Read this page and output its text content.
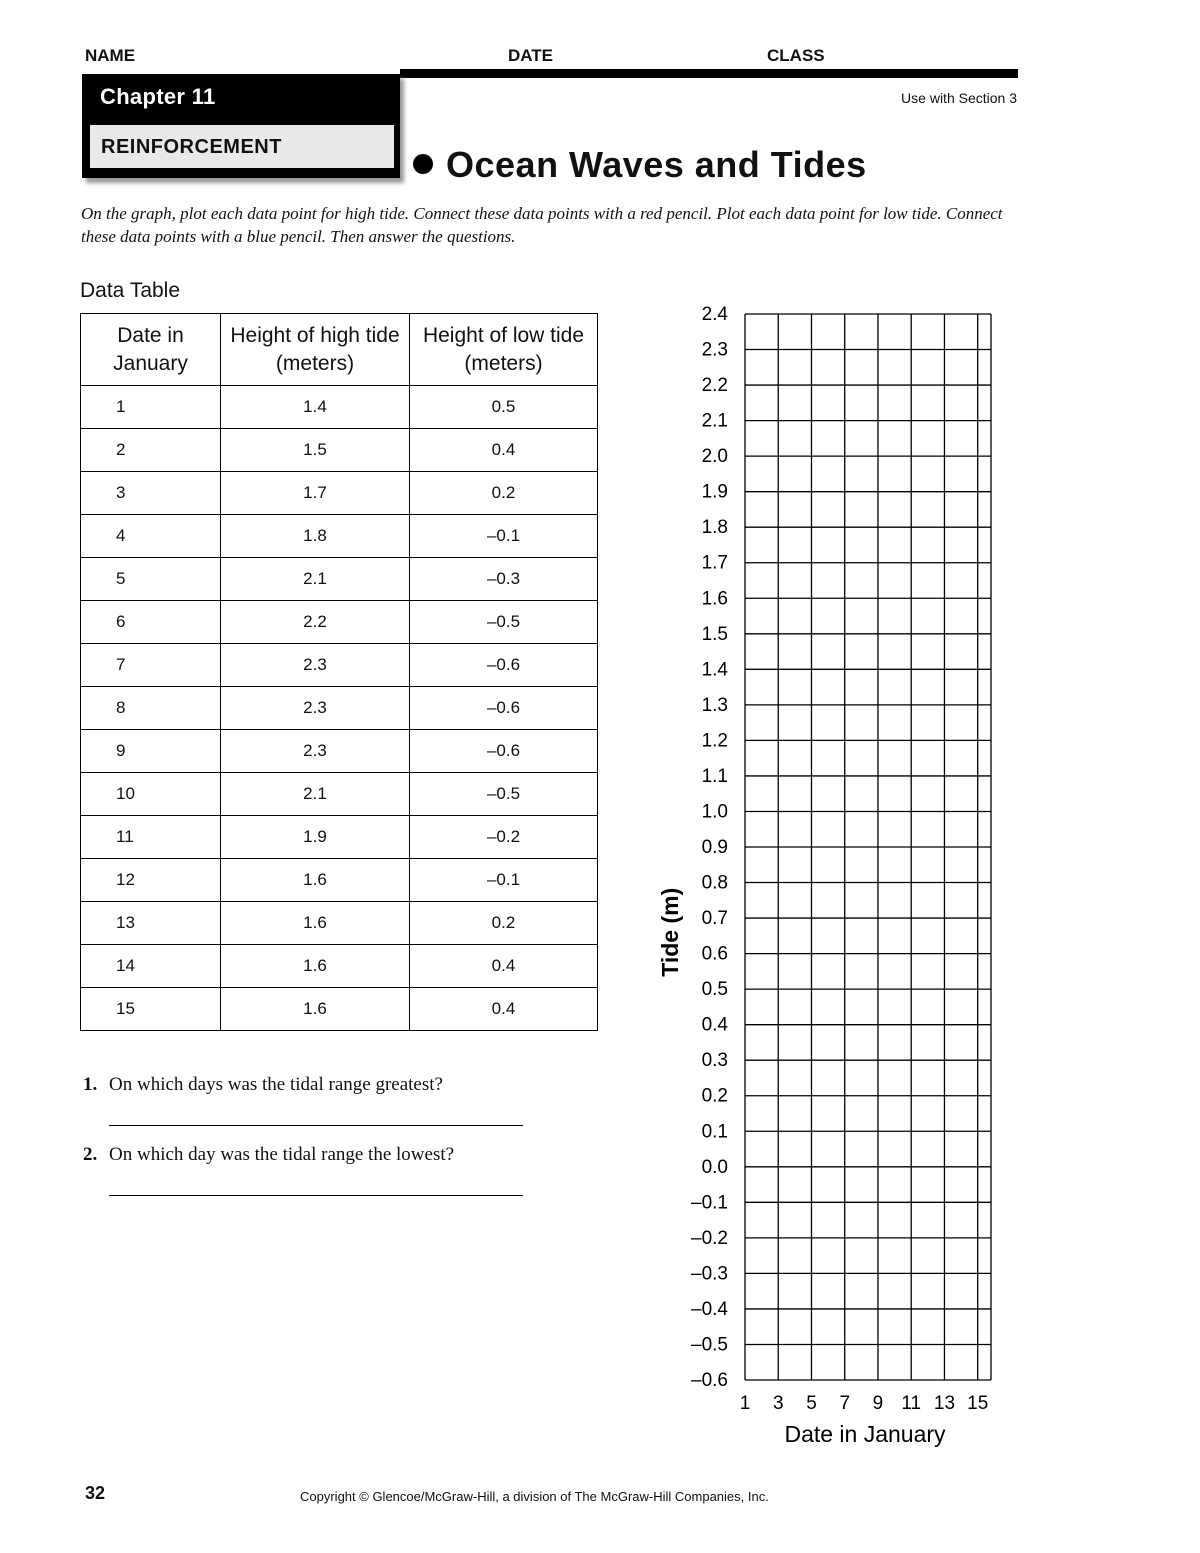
NAME	DATE	CLASS
Chapter 11
REINFORCEMENT
Use with Section 3
Ocean Waves and Tides

On the graph, plot each data point for high tide. Connect these data points with a red pencil. Plot each data point for low tide. Connect these data points with a blue pencil. Then answer the questions.

Data Table
Date in January	Height of high tide (meters)	Height of low tide (meters)
1	1.4	0.5
2	1.5	0.4
3	1.7	0.2
4	1.8	–0.1
5	2.1	–0.3
6	2.2	–0.5
7	2.3	–0.6
8	2.3	–0.6
9	2.3	–0.6
10	2.1	–0.5
11	1.9	–0.2
12	1.6	–0.1
13	1.6	0.2
14	1.6	0.4
15	1.6	0.4
1. On which days was the tidal range greatest?
2. On which day was the tidal range the lowest?
2.4
2.3
2.2
2.1
2.0
1.9
1.8
1.7
1.6
1.5
1.4
1.3
1.2
1.1
1.0
0.9
0.8
0.7
0.6
0.5
0.4
0.3
0.2
0.1
0.0
–0.1
–0.2
–0.3
–0.4
–0.5
–0.6
1 3 5 7 9 11 13 15
Date in January
Tide (m)
32	Copyright © Glencoe/McGraw-Hill, a division of The McGraw-Hill Companies, Inc.
